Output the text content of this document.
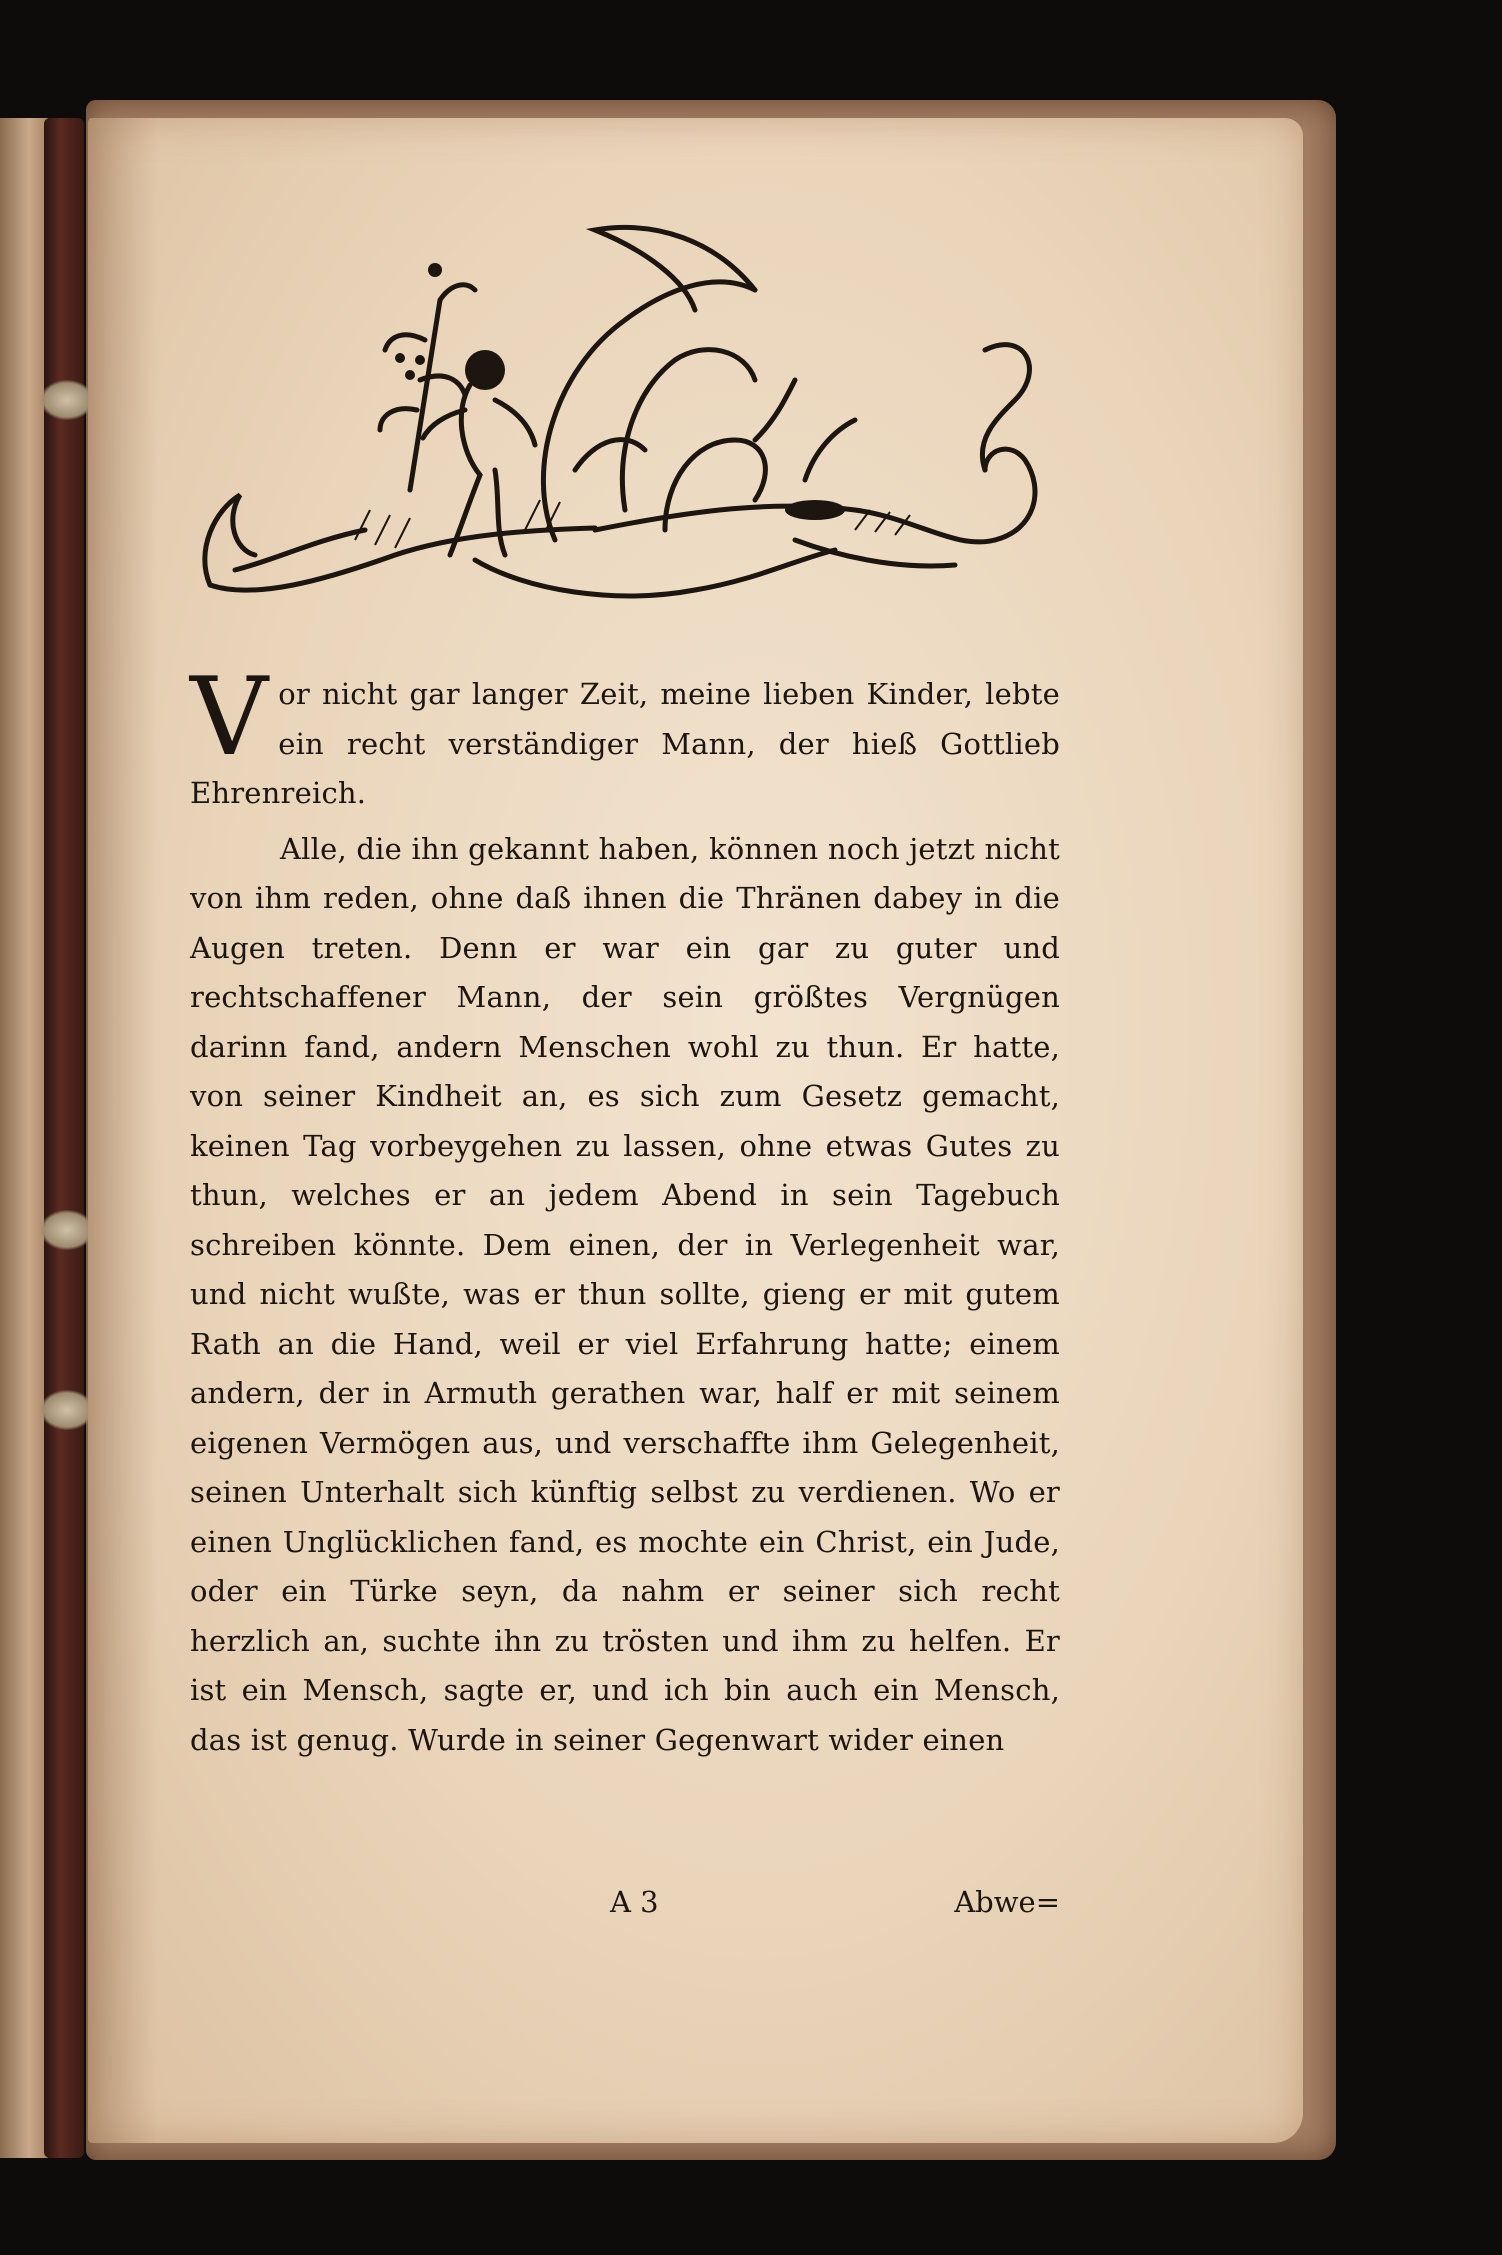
V or nicht gar langer Zeit, meine lieben Kinder, lebte ein recht verständiger Mann, der hieß Gottlieb Ehrenreich.

Alle, die ihn gekannt haben, können noch jetzt nicht von ihm reden, ohne daß ihnen die Thränen dabey in die Augen treten. Denn er war ein gar zu guter und rechtschaffener Mann, der sein größtes Vergnügen darinn fand, andern Menschen wohl zu thun. Er hatte, von seiner Kindheit an, es sich zum Gesetz gemacht, keinen Tag vorbeygehen zu lassen, ohne etwas Gutes zu thun, welches er an jedem Abend in sein Tagebuch schreiben könnte. Dem einen, der in Verlegenheit war, und nicht wußte, was er thun sollte, gieng er mit gutem Rath an die Hand, weil er viel Erfahrung hatte; einem andern, der in Armuth gerathen war, half er mit seinem eigenen Vermögen aus, und verschaffte ihm Gelegenheit, seinen Unterhalt sich künftig selbst zu verdienen. Wo er einen Unglücklichen fand, es mochte ein Christ, ein Jude, oder ein Türke seyn, da nahm er seiner sich recht herzlich an, suchte ihn zu trösten und ihm zu helfen. Er ist ein Mensch, sagte er, und ich bin auch ein Mensch, das ist genug. Wurde in seiner Gegenwart wider einen

A 3	Abwe=
